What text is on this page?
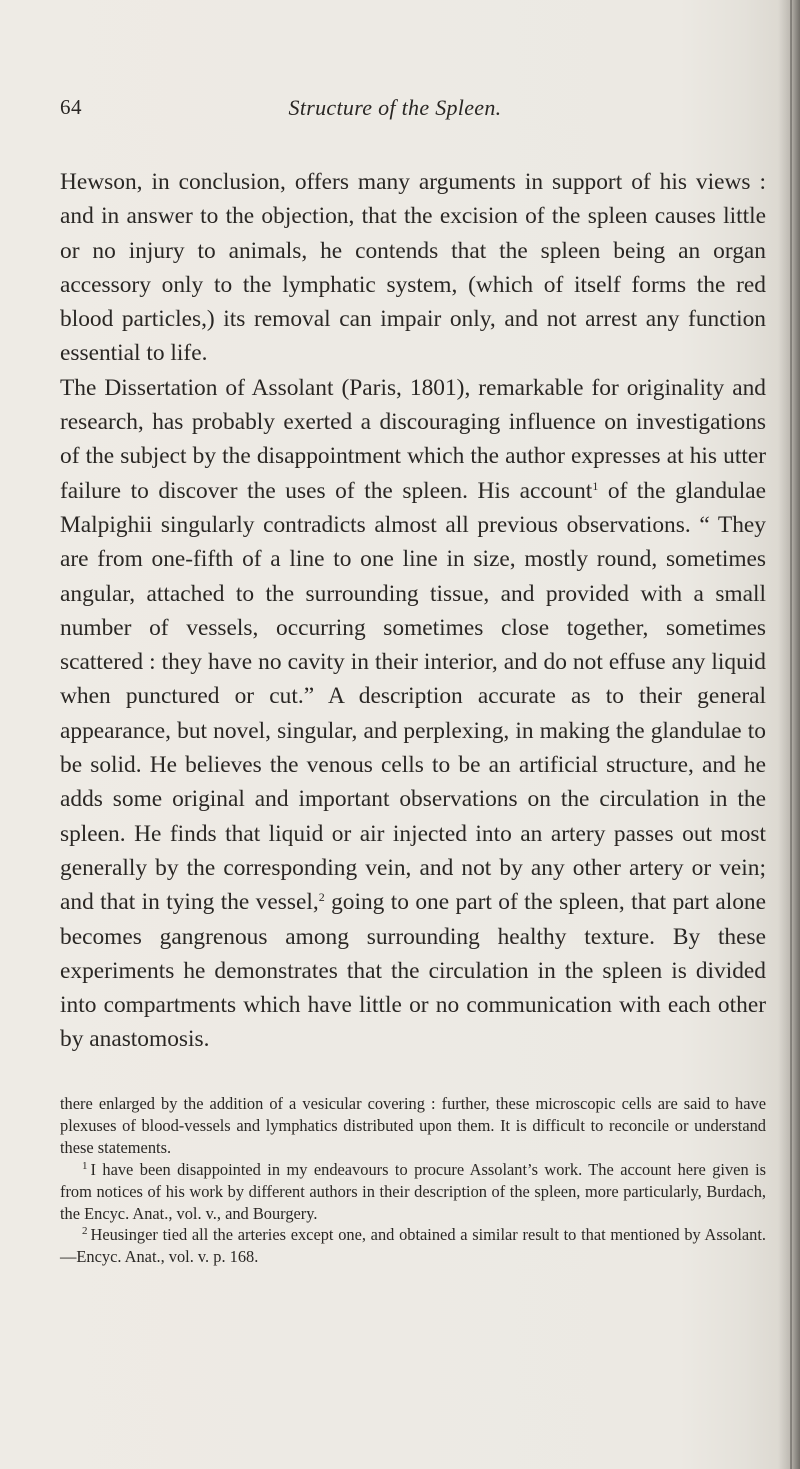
64	Structure of the Spleen.

Hewson, in conclusion, offers many arguments in support of his views : and in answer to the objection, that the excision of the spleen causes little or no injury to animals, he contends that the spleen being an organ accessory only to the lymphatic system, (which of itself forms the red blood particles,) its removal can impair only, and not arrest any function essential to life.

The Dissertation of Assolant (Paris, 1801), remarkable for originality and research, has probably exerted a discouraging influence on investigations of the subject by the disappointment which the author expresses at his utter failure to discover the uses of the spleen. His account$^1$ of the glandulae Malpighii singularly contradicts almost all previous observations. “ They are from one-fifth of a line to one line in size, mostly round, sometimes angular, attached to the surrounding tissue, and provided with a small number of vessels, occurring sometimes close together, sometimes scattered : they have no cavity in their interior, and do not effuse any liquid when punctured or cut.” A description accurate as to their general appearance, but novel, singular, and perplexing, in making the glandulae to be solid. He believes the venous cells to be an artificial structure, and he adds some original and important observations on the circulation in the spleen. He finds that liquid or air injected into an artery passes out most generally by the corresponding vein, and not by any other artery or vein; and that in tying the vessel,$^2$ going to one part of the spleen, that part alone becomes gangrenous among surrounding healthy texture. By these experiments he demonstrates that the circulation in the spleen is divided into compartments which have little or no communication with each other by anastomosis.

there enlarged by the addition of a vesicular covering : further, these microscopic cells are said to have plexuses of blood-vessels and lymphatics distributed upon them. It is difficult to reconcile or understand these statements.

$^1$ I have been disappointed in my endeavours to procure Assolant’s work. The account here given is from notices of his work by different authors in their description of the spleen, more particularly, Burdach, the Encyc. Anat., vol. v., and Bourgery.

$^2$ Heusinger tied all the arteries except one, and obtained a similar result to that mentioned by Assolant.—Encyc. Anat., vol. v. p. 168.
